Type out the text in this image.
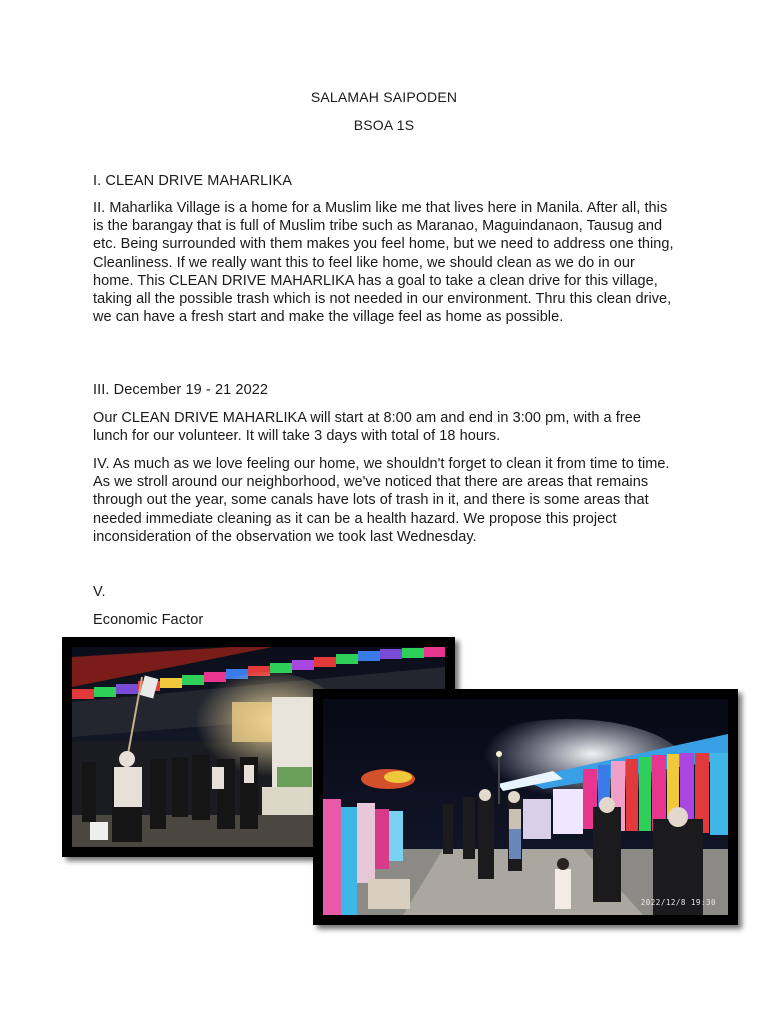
SALAMAH SAIPODEN
BSOA 1S
I. CLEAN DRIVE MAHARLIKA

II. Maharlika Village is a home for a Muslim like me that lives here in Manila. After all, this is the barangay that is full of Muslim tribe such as Maranao, Maguindanaon, Tausug and etc. Being surrounded with them makes you feel home, but we need to address one thing, Cleanliness. If we really want this to feel like home, we should clean as we do in our home. This CLEAN DRIVE MAHARLIKA has a goal to take a clean drive for this village, taking all the possible trash which is not needed in our environment. Thru this clean drive, we can have a fresh start and make the village feel as home as possible.

III. December 19 - 21 2022

Our CLEAN DRIVE MAHARLIKA will start at 8:00 am and end in 3:00 pm, with a free lunch for our volunteer. It will take 3 days with total of 18 hours.

IV. As much as we love feeling our home, we shouldn't forget to clean it from time to time. As we stroll around our neighborhood, we've noticed that there are areas that remains through out the year, some canals have lots of trash in it, and there is some areas that needed immediate cleaning as it can be a health hazard. We propose this project inconsideration of the observation we took last Wednesday.

V.
Economic Factor
2022/12/8 19:30
